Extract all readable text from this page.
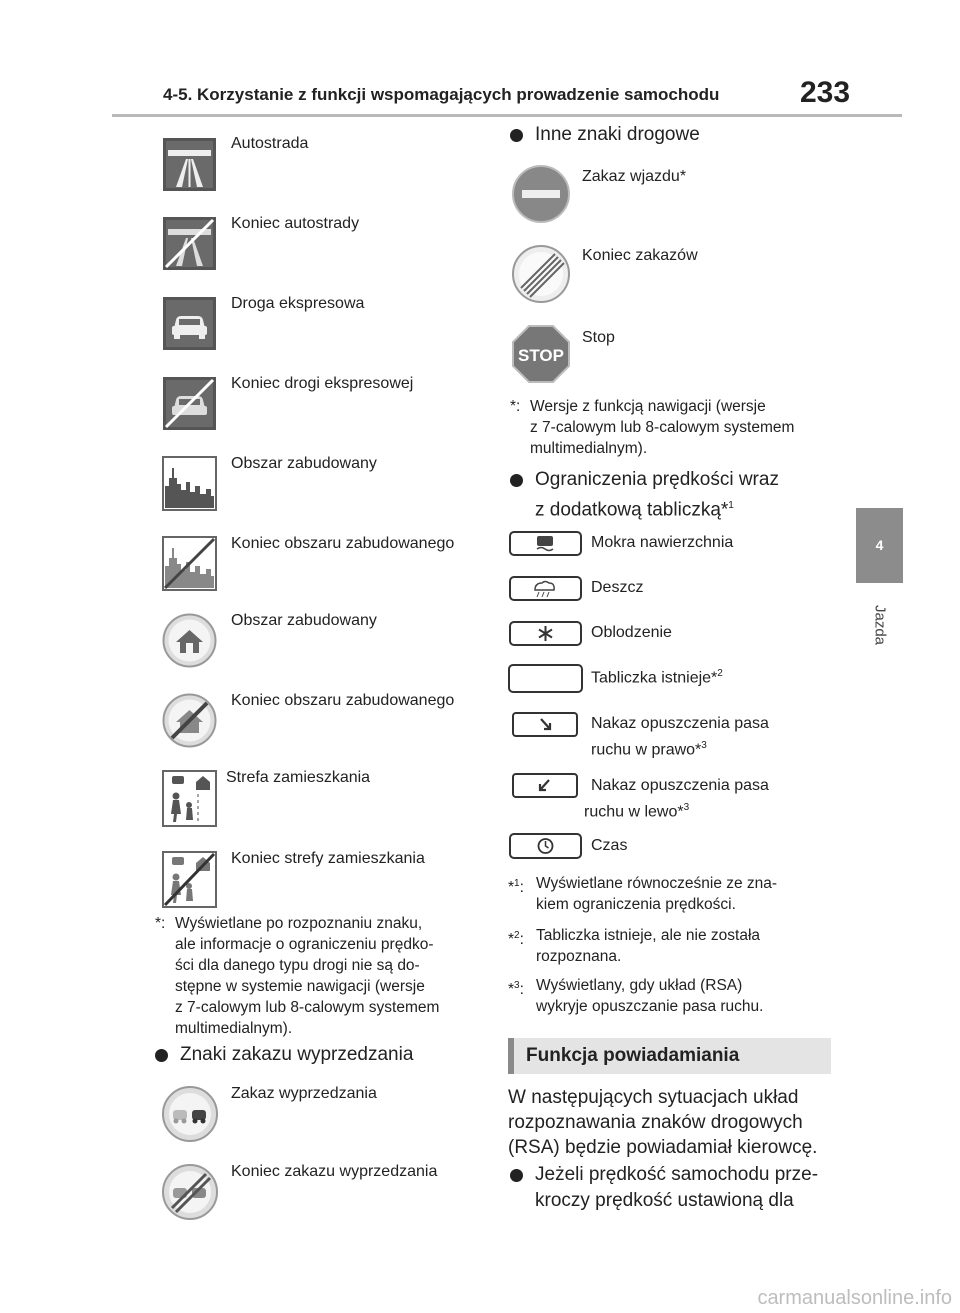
4-5. Korzystanie z funkcji wspomagających prowadzenie samochodu	233
4
Jazda
Autostrada
Koniec autostrady
Droga ekspresowa
Koniec drogi ekspresowej
Obszar zabudowany
Koniec obszaru zabudowanego
Obszar zabudowany
Koniec obszaru zabudowanego
Strefa zamieszkania
Koniec strefy zamieszkania
*: Wyświetlane po rozpoznaniu znaku,
ale informacje o ograniczeniu prędko-
ści dla danego typu drogi nie są do-
stępne w systemie nawigacji (wersje
z 7-calowym lub 8-calowym systemem
multimedialnym).
Znaki zakazu wyprzedzania
Zakaz wyprzedzania
Koniec zakazu wyprzedzania
Inne znaki drogowe
Zakaz wjazdu*
Koniec zakazów
STOP
Stop
*: Wersje z funkcją nawigacji (wersje
z 7-calowym lub 8-calowym systemem
multimedialnym).
Ograniczenia prędkości wraz
z dodatkową tabliczką*$^1$
Mokra nawierzchnia
Deszcz
Oblodzenie
Tabliczka istnieje*$^2$
Nakaz opuszczenia pasa
ruchu w prawo*$^3$
Nakaz opuszczenia pasa
ruchu w lewo*$^3$
Czas
*$^1$: Wyświetlane równocześnie ze zna-
kiem ograniczenia prędkości.
*$^2$: Tabliczka istnieje, ale nie została
rozpoznana.
*$^3$: Wyświetlany, gdy układ (RSA)
wykryje opuszczanie pasa ruchu.
Funkcja powiadamiania
W następujących sytuacjach układ
rozpoznawania znaków drogowych
(RSA) będzie powiadamiał kierowcę.
Jeżeli prędkość samochodu prze-
kroczy prędkość ustawioną dla
carmanualsonline.info
